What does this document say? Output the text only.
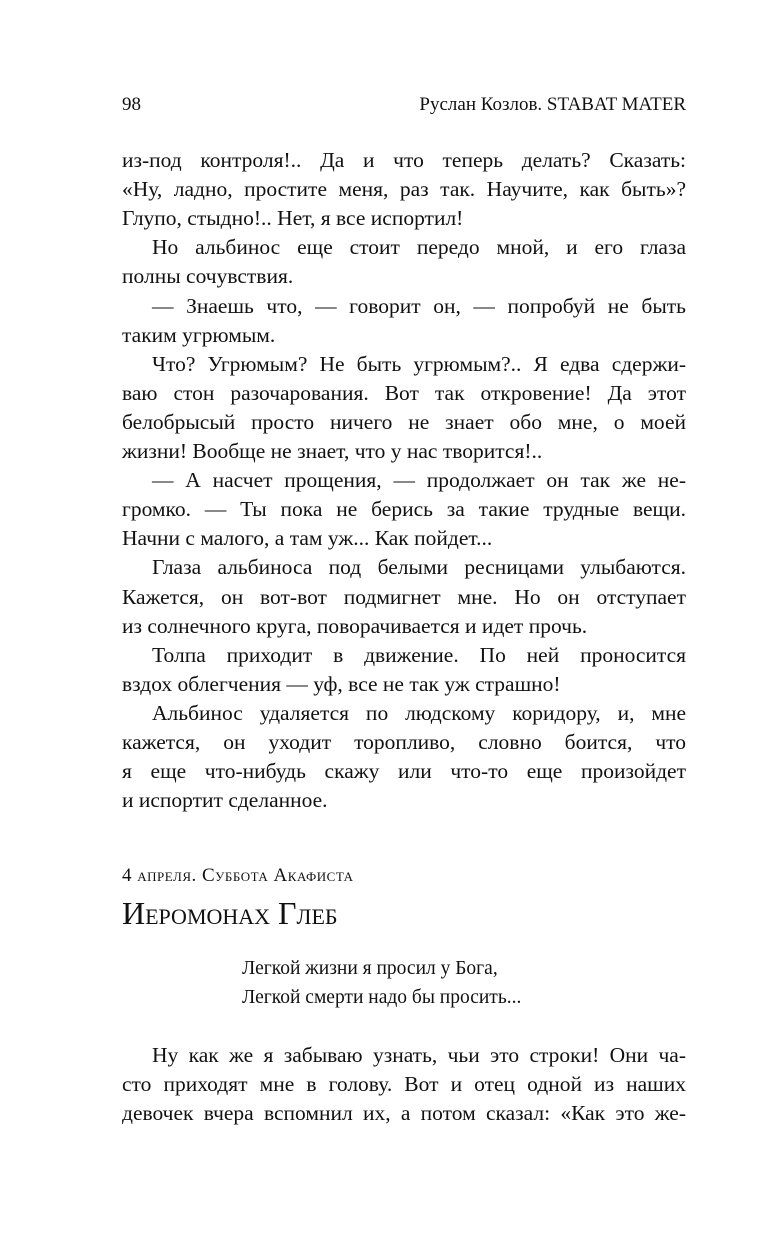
98	Руслан Козлов. STABAT MATER
из-под контроля!.. Да и что теперь делать? Сказать:
«Ну, ладно, простите меня, раз так. Научите, как быть»?
Глупо, стыдно!.. Нет, я все испортил!
Но альбинос еще стоит передо мной, и его глаза
полны сочувствия.
— Знаешь что, — говорит он, — попробуй не быть
таким угрюмым.
Что? Угрюмым? Не быть угрюмым?.. Я едва сдержи-
ваю стон разочарования. Вот так откровение! Да этот
белобрысый просто ничего не знает обо мне, о моей
жизни! Вообще не знает, что у нас творится!..
— А насчет прощения, — продолжает он так же не-
громко. — Ты пока не берись за такие трудные вещи.
Начни с малого, а там уж... Как пойдет...
Глаза альбиноса под белыми ресницами улыбаются.
Кажется, он вот-вот подмигнет мне. Но он отступает
из солнечного круга, поворачивается и идет прочь.
Толпа приходит в движение. По ней проносится
вздох облегчения — уф, все не так уж страшно!
Альбинос удаляется по людскому коридору, и, мне
кажется, он уходит торопливо, словно боится, что
я еще что-нибудь скажу или что-то еще произойдет
и испортит сделанное.
4 апреля. Суббота Акафиста
Иеромонах Глеб
Легкой жизни я просил у Бога,
Легкой смерти надо бы просить...
Ну как же я забываю узнать, чьи это строки! Они ча-
сто приходят мне в голову. Вот и отец одной из наших
девочек вчера вспомнил их, а потом сказал: «Как это же-
